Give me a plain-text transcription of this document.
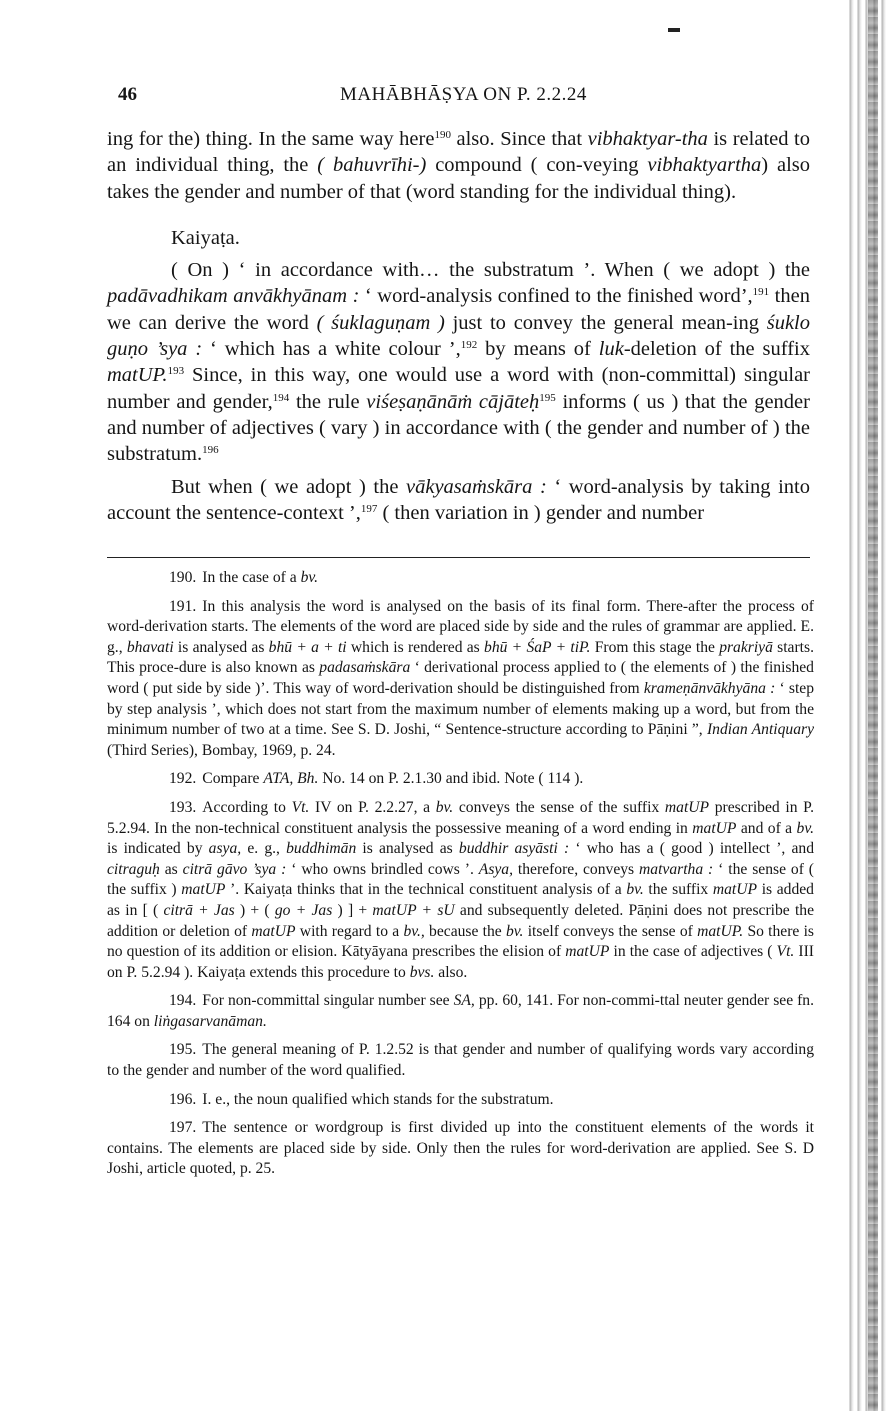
46	MAHĀBHĀṢYA ON P. 2.2.24

ing for the) thing. In the same way here$^{190}$ also. Since that vibhaktyar-tha is related to an individual thing, the ( bahuvrīhi-) compound ( con-veying vibhaktyartha) also takes the gender and number of that (word standing for the individual thing).

Kaiyaṭa.

( On ) ‘ in accordance with… the substratum ’. When ( we adopt ) the padāvadhikam anvākhyānam : ‘ word-analysis confined to the finished word’,$^{191}$ then we can derive the word ( śuklaguṇam ) just to convey the general mean-ing śuklo guṇo ’sya : ‘ which has a white colour ’,$^{192}$ by means of luk-deletion of the suffix matUP.$^{193}$ Since, in this way, one would use a word with (non-committal) singular number and gender,$^{194}$ the rule viśeṣaṇānāṁ cājāteḥ$^{195}$ informs ( us ) that the gender and number of adjectives ( vary ) in accordance with ( the gender and number of ) the substratum.$^{196}$

But when ( we adopt ) the vākyasaṁskāra : ‘ word-analysis by taking into account the sentence-context ’,$^{197}$ ( then variation in ) gender and number

190. In the case of a bv.

191. In this analysis the word is analysed on the basis of its final form. There-after the process of word-derivation starts. The elements of the word are placed side by side and the rules of grammar are applied. E. g., bhavati is analysed as bhū + a + ti which is rendered as bhū + ŚaP + tiP. From this stage the prakriyā starts. This proce-dure is also known as padasaṁskāra ‘ derivational process applied to ( the elements of ) the finished word ( put side by side )’. This way of word-derivation should be distinguished from krameṇānvākhyāna : ‘ step by step analysis ’, which does not start from the maximum number of elements making up a word, but from the minimum number of two at a time. See S. D. Joshi, “ Sentence-structure according to Pāṇini ”, Indian Antiquary (Third Series), Bombay, 1969, p. 24.

192. Compare ATA, Bh. No. 14 on P. 2.1.30 and ibid. Note ( 114 ).

193. According to Vt. IV on P. 2.2.27, a bv. conveys the sense of the suffix matUP prescribed in P. 5.2.94. In the non-technical constituent analysis the possessive meaning of a word ending in matUP and of a bv. is indicated by asya, e. g., buddhimān is analysed as buddhir asyāsti : ‘ who has a ( good ) intellect ’, and citraguḥ as citrā gāvo ’sya : ‘ who owns brindled cows ’. Asya, therefore, conveys matvartha : ‘ the sense of ( the suffix ) matUP ’. Kaiyaṭa thinks that in the technical constituent analysis of a bv. the suffix matUP is added as in [ ( citrā + Jas ) + ( go + Jas ) ] + matUP + sU and subsequently deleted. Pāṇini does not prescribe the addition or deletion of matUP with regard to a bv., because the bv. itself conveys the sense of matUP. So there is no question of its addition or elision. Kātyāyana prescribes the elision of matUP in the case of adjectives ( Vt. III on P. 5.2.94 ). Kaiyaṭa extends this procedure to bvs. also.

194. For non-committal singular number see SA, pp. 60, 141. For non-commi-ttal neuter gender see fn. 164 on liṅgasarvanāman.

195. The general meaning of P. 1.2.52 is that gender and number of qualifying words vary according to the gender and number of the word qualified.

196. I. e., the noun qualified which stands for the substratum.

197. The sentence or wordgroup is first divided up into the constituent elements of the words it contains. The elements are placed side by side. Only then the rules for word-derivation are applied. See S. D Joshi, article quoted, p. 25.
